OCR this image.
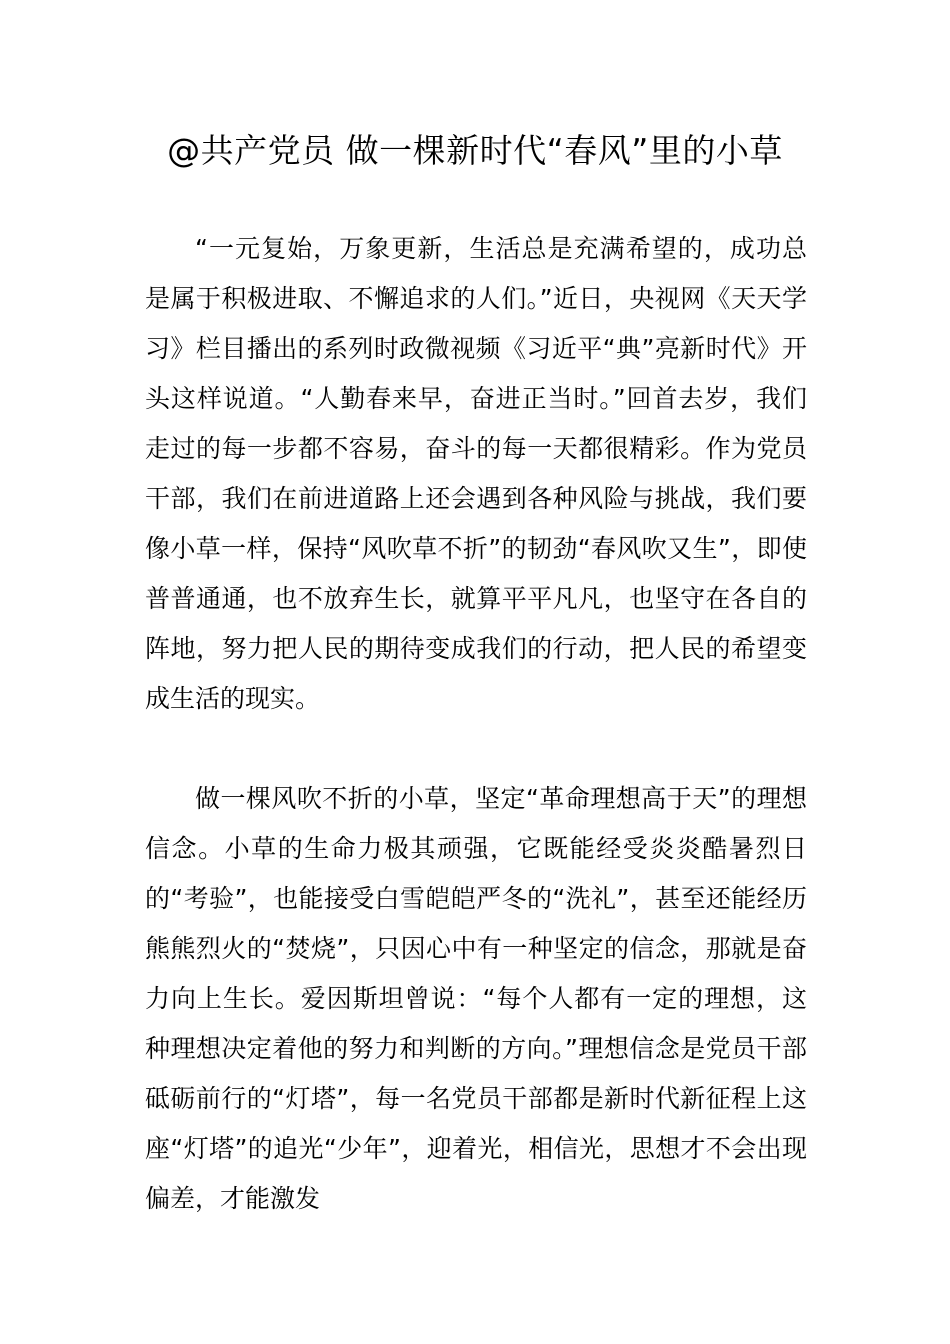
@共产党员 做一棵新时代“春风”里的小草

“一元复始，万象更新，生活总是充满希望的，成功总是属于积极进取、不懈追求的人们。”近日，央视网《天天学习》栏目播出的系列时政微视频《习近平“典”亮新时代》开头这样说道。“人勤春来早，奋进正当时。”回首去岁，我们走过的每一步都不容易，奋斗的每一天都很精彩。作为党员干部，我们在前进道路上还会遇到各种风险与挑战，我们要像小草一样，保持“风吹草不折”的韧劲“春风吹又生”，即使普普通通，也不放弃生长，就算平平凡凡，也坚守在各自的阵地，努力把人民的期待变成我们的行动，把人民的希望变成生活的现实。

做一棵风吹不折的小草，坚定“革命理想高于天”的理想信念。小草的生命力极其顽强，它既能经受炎炎酷暑烈日的“考验”，也能接受白雪皑皑严冬的“洗礼”，甚至还能经历熊熊烈火的“焚烧”，只因心中有一种坚定的信念，那就是奋力向上生长。爱因斯坦曾说：“每个人都有一定的理想，这种理想决定着他的努力和判断的方向。”理想信念是党员干部砥砺前行的“灯塔”，每一名党员干部都是新时代新征程上这座“灯塔”的追光“少年”，迎着光，相信光，思想才不会出现偏差，才能激发
